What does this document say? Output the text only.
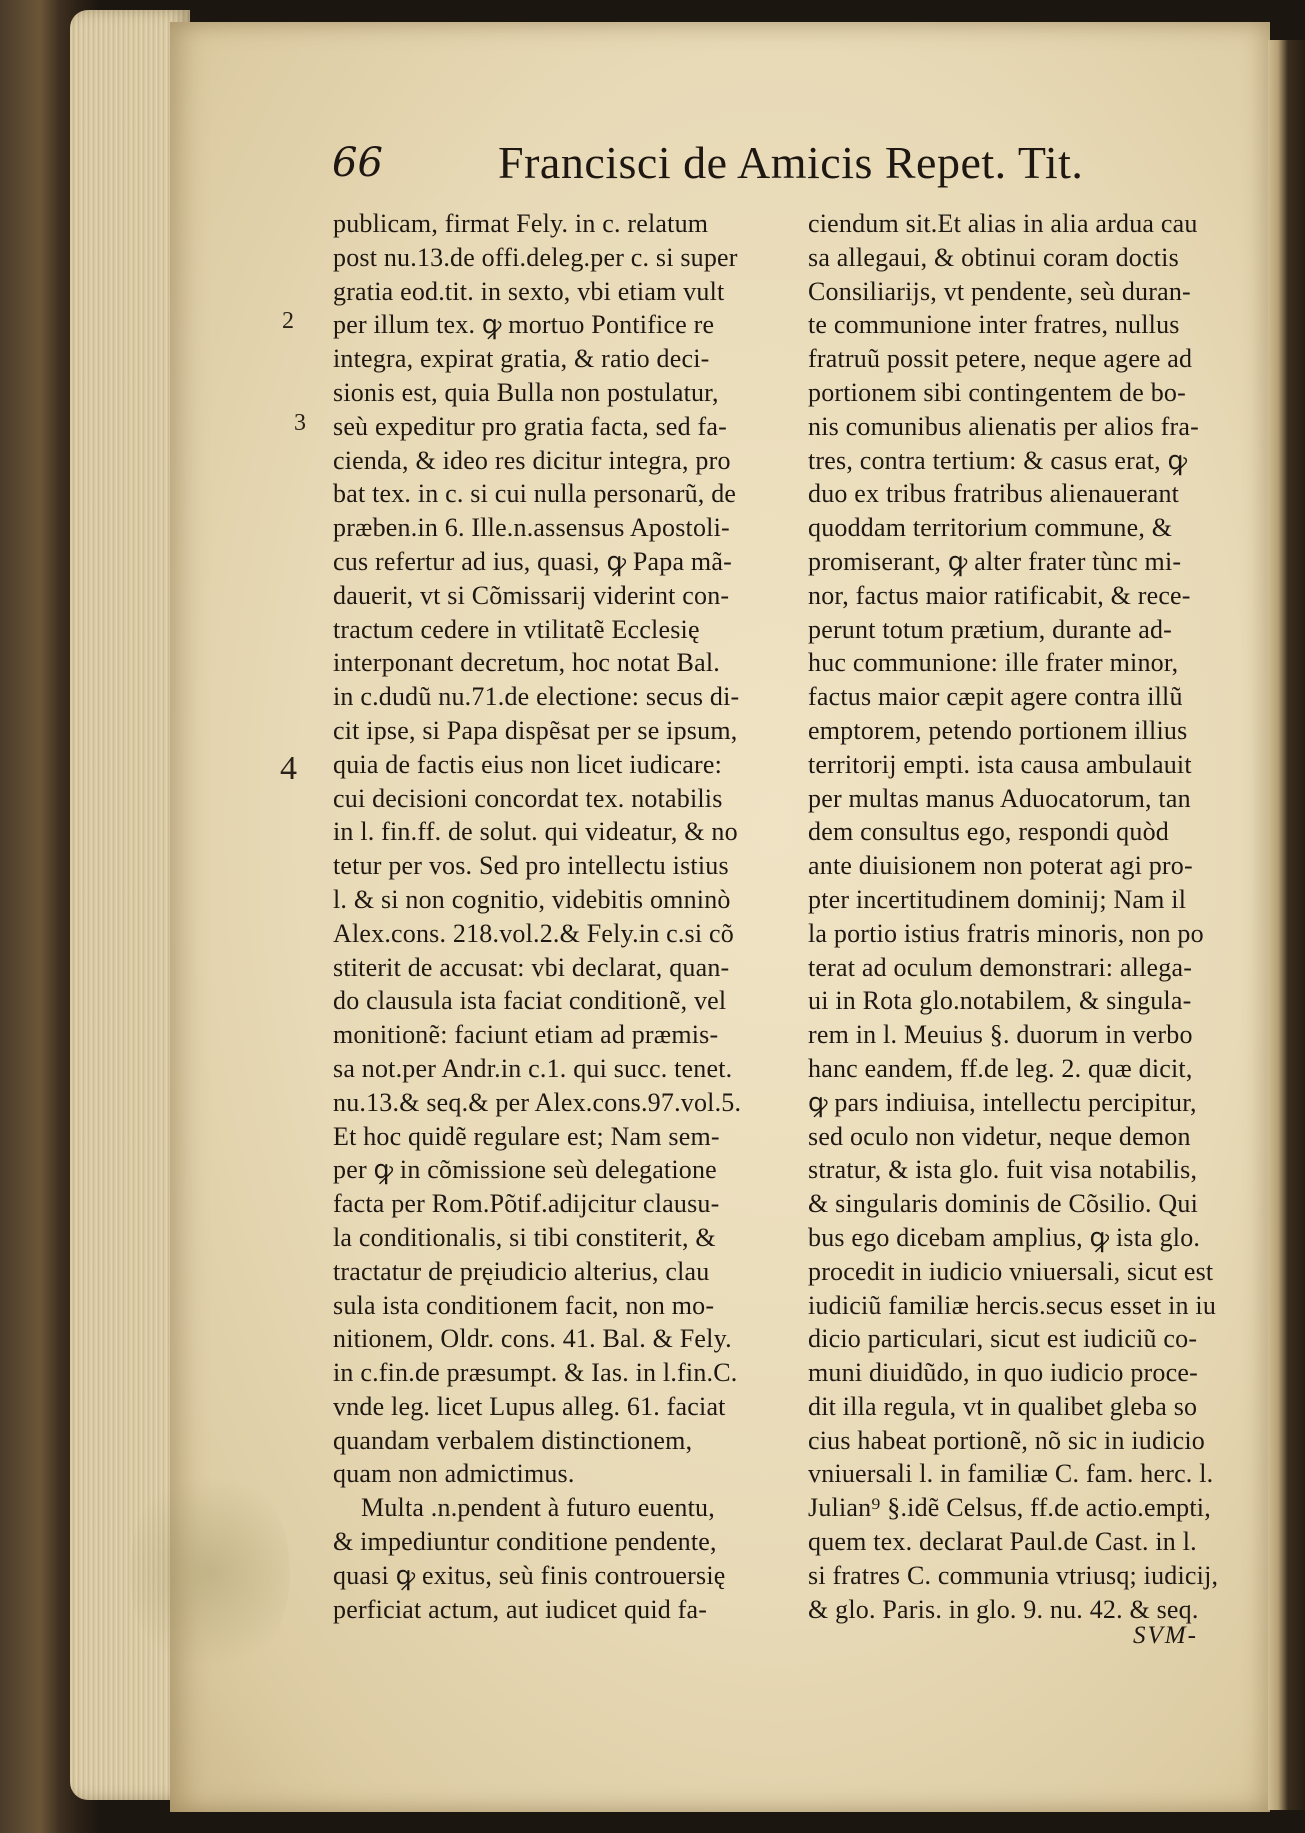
66	Francisci de Amicis Repet. Tit.
2
3
4
publicam, firmat Fely. in c. relatum
post nu.13.de offi.deleg.per c. si super
gratia eod.tit. in sexto, vbi etiam vult
per illum tex. ꝙ mortuo Pontifice re
integra, expirat gratia, & ratio deci-
sionis est, quia Bulla non postulatur,
seù expeditur pro gratia facta, sed fa-
cienda, & ideo res dicitur integra, pro
bat tex. in c. si cui nulla personarũ, de
præben.in 6. Ille.n.assensus Apostoli-
cus refertur ad ius, quasi, ꝙ Papa mã-
dauerit, vt si Cõmissarij viderint con-
tractum cedere in vtilitatẽ Ecclesię
interponant decretum, hoc notat Bal.
in c.dudũ nu.71.de electione: secus di-
cit ipse, si Papa dispẽsat per se ipsum,
quia de factis eius non licet iudicare:
cui decisioni concordat tex. notabilis
in l. fin.ff. de solut. qui videatur, & no
tetur per vos. Sed pro intellectu istius
l. & si non cognitio, videbitis omninò
Alex.cons. 218.vol.2.& Fely.in c.si cõ
stiterit de accusat: vbi declarat, quan-
do clausula ista faciat conditionẽ, vel
monitionẽ: faciunt etiam ad præmis-
sa not.per Andr.in c.1. qui succ. tenet.
nu.13.& seq.& per Alex.cons.97.vol.5.
Et hoc quidẽ regulare est; Nam sem-
per ꝙ in cõmissione seù delegatione
facta per Rom.Põtif.adijcitur clausu-
la conditionalis, si tibi constiterit, &
tractatur de pręiudicio alterius, clau
sula ista conditionem facit, non mo-
nitionem, Oldr. cons. 41. Bal. & Fely.
in c.fin.de præsumpt. & Ias. in l.fin.C.
vnde leg. licet Lupus alleg. 61. faciat
quandam verbalem distinctionem,
quam non admictimus.
Multa .n.pendent à futuro euentu,
& impediuntur conditione pendente,
quasi ꝙ exitus, seù finis controuersię
perficiat actum, aut iudicet quid fa-
ciendum sit.Et alias in alia ardua cau
sa allegaui, & obtinui coram doctis
Consiliarijs, vt pendente, seù duran-
te communione inter fratres, nullus
fratruũ possit petere, neque agere ad
portionem sibi contingentem de bo-
nis comunibus alienatis per alios fra-
tres, contra tertium: & casus erat, ꝙ
duo ex tribus fratribus alienauerant
quoddam territorium commune, &
promiserant, ꝙ alter frater tùnc mi-
nor, factus maior ratificabit, & rece-
perunt totum prætium, durante ad-
huc communione: ille frater minor,
factus maior cæpit agere contra illũ
emptorem, petendo portionem illius
territorij empti. ista causa ambulauit
per multas manus Aduocatorum, tan
dem consultus ego, respondi quòd
ante diuisionem non poterat agi pro-
pter incertitudinem dominij; Nam il
la portio istius fratris minoris, non po
terat ad oculum demonstrari: allega-
ui in Rota glo.notabilem, & singula-
rem in l. Meuius §. duorum in verbo
hanc eandem, ff.de leg. 2. quæ dicit,
ꝙ pars indiuisa, intellectu percipitur,
sed oculo non videtur, neque demon
stratur, & ista glo. fuit visa notabilis,
& singularis dominis de Cõsilio. Qui
bus ego dicebam amplius, ꝙ ista glo.
procedit in iudicio vniuersali, sicut est
iudiciũ familiæ hercis.secus esset in iu
dicio particulari, sicut est iudiciũ co-
muni diuidũdo, in quo iudicio proce-
dit illa regula, vt in qualibet gleba so
cius habeat portionẽ, nõ sic in iudicio
vniuersali l. in familiæ C. fam. herc. l.
Julian⁹ §.idẽ Celsus, ff.de actio.empti,
quem tex. declarat Paul.de Cast. in l.
si fratres C. communia vtriusq; iudicij,
& glo. Paris. in glo. 9. nu. 42. & seq.
SVM-
